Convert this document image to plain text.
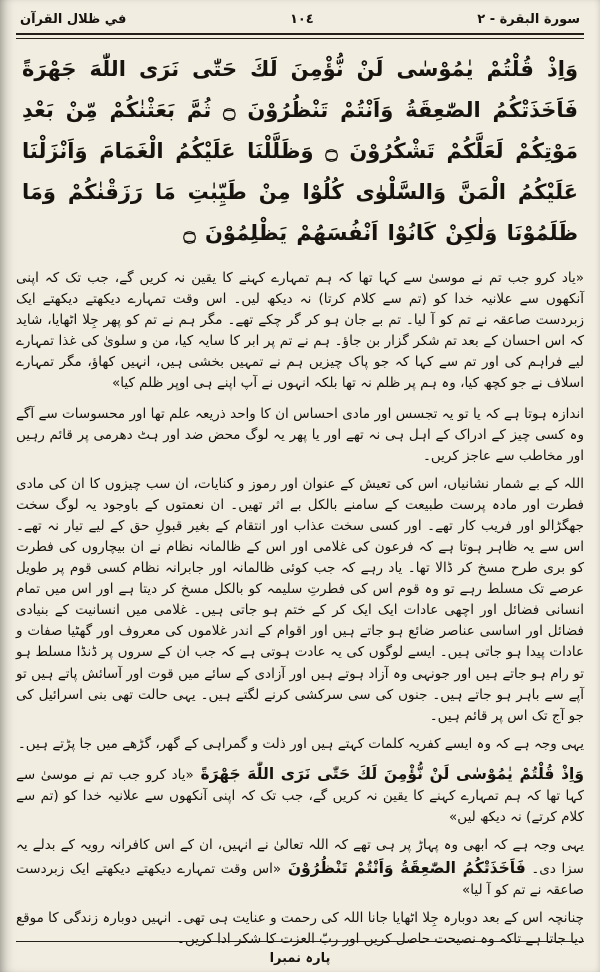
سورة البقرة - ٢
١٠٤
في ظلال القرآن
وَاِذْ قُلْتُمْ يٰمُوْسٰى لَنْ نُّؤْمِنَ لَكَ حَتّٰى نَرَى اللّٰهَ جَهْرَةً فَاَخَذَتْكُمُ الصّٰعِقَةُ وَاَنْتُمْ تَنْظُرُوْنَ ۝ ثُمَّ بَعَثْنٰكُمْ مِّنْ بَعْدِ مَوْتِكُمْ لَعَلَّكُمْ تَشْكُرُوْنَ ۝ وَظَلَّلْنَا عَلَيْكُمُ الْغَمَامَ وَاَنْزَلْنَا عَلَيْكُمُ الْمَنَّ وَالسَّلْوٰى كُلُوْا مِنْ طَيِّبٰتِ مَا رَزَقْنٰكُمْ وَمَا ظَلَمُوْنَا وَلٰكِنْ كَانُوْا اَنْفُسَهُمْ يَظْلِمُوْنَ ۝
«یاد کرو جب تم نے موسیٰ سے کہا تھا کہ ہم تمہارے کہنے کا یقین نہ کریں گے، جب تک کہ اپنی آنکھوں سے علانیہ خدا کو (تم سے کلام کرتا) نہ دیکھ لیں۔ اس وقت تمہارے دیکھتے دیکھتے ایک زبردست صاعقہ نے تم کو آ لیا۔ تم بے جان ہو کر گر چکے تھے۔ مگر ہم نے تم کو پھر جِلا اٹھایا، شاید کہ اس احسان کے بعد تم شکر گزار بن جاؤ۔ ہم نے تم پر ابر کا سایہ کیا، من و سلویٰ کی غذا تمہارے لیے فراہم کی اور تم سے کہا کہ جو پاک چیزیں ہم نے تمہیں بخشی ہیں، انہیں کھاؤ، مگر تمہارے اسلاف نے جو کچھ کیا، وہ ہم پر ظلم نہ تھا بلکہ انہوں نے آپ اپنے ہی اوپر ظلم کیا»
اندازہ ہوتا ہے کہ یا تو یہ تجسس اور مادی احساس ان کا واحد ذریعہ علم تھا اور محسوسات سے آگے وہ کسی چیز کے ادراک کے اہل ہی نہ تھے اور یا پھر یہ لوگ محض ضد اور ہٹ دھرمی پر قائم رہیں اور مخاطب سے عاجز کریں۔
اللہ کے بے شمار نشانیاں، اس کی تعیش کے عنوان اور رموز و کنایات، ان سب چیزوں کا ان کی مادی فطرت اور مادہ پرست طبیعت کے سامنے بالکل بے اثر تھیں۔ ان نعمتوں کے باوجود یہ لوگ سخت جھگڑالو اور فریب کار تھے۔ اور کسی سخت عذاب اور انتقام کے بغیر قبولِ حق کے لیے تیار نہ تھے۔ اس سے یہ ظاہر ہوتا ہے کہ فرعون کی غلامی اور اس کے ظالمانہ نظام نے ان بیچاروں کی فطرت کو بری طرح مسخ کر ڈالا تھا۔ یاد رہے کہ جب کوئی ظالمانہ اور جابرانہ نظام کسی قوم پر طویل عرصے تک مسلط رہے تو وہ قوم اس کی فطرتِ سلیمہ کو بالکل مسخ کر دیتا ہے اور اس میں تمام انسانی فضائل اور اچھی عادات ایک ایک کر کے ختم ہو جاتی ہیں۔ غلامی میں انسانیت کے بنیادی فضائل اور اساسی عناصر ضائع ہو جاتے ہیں اور اقوام کے اندر غلاموں کی معروف اور گھٹیا صفات و عادات پیدا ہو جاتی ہیں۔ ایسے لوگوں کی یہ عادت ہوتی ہے کہ جب ان کے سروں پر ڈنڈا مسلط ہو تو رام ہو جاتے ہیں اور جونہی وہ آزاد ہوتے ہیں اور آزادی کے سائے میں قوت اور آسائش پاتے ہیں تو آپے سے باہر ہو جاتے ہیں۔ جنوں کی سی سرکشی کرنے لگتے ہیں۔ یہی حالت تھی بنی اسرائیل کی جو آج تک اس پر قائم ہیں۔
یہی وجہ ہے کہ وہ ایسے کفریہ کلمات کہتے ہیں اور ذلت و گمراہی کے گھر، گڑھے میں جا پڑتے ہیں۔
وَاِذْ قُلْتُمْ يٰمُوْسٰى لَنْ نُّؤْمِنَ لَكَ حَتّٰى نَرَى اللّٰهَ جَهْرَةً «یاد کرو جب تم نے موسیٰ سے کہا تھا کہ ہم تمہارے کہنے کا یقین نہ کریں گے، جب تک کہ اپنی آنکھوں سے علانیہ خدا کو (تم سے کلام کرتے) نہ دیکھ لیں»
یہی وجہ ہے کہ ابھی وہ پہاڑ پر ہی تھے کہ اللہ تعالیٰ نے انہیں، ان کے اس کافرانہ رویہ کے بدلے یہ سزا دی۔ فَاَخَذَتْكُمُ الصّٰعِقَةُ وَاَنْتُمْ تَنْظُرُوْنَ «اس وقت تمہارے دیکھتے دیکھتے ایک زبردست صاعقہ نے تم کو آ لیا»
چنانچہ اس کے بعد دوبارہ جِلا اٹھایا جانا اللہ کی رحمت و عنایت ہی تھی۔ انہیں دوبارہ زندگی کا موقع دیا جاتا ہے تاکہ وہ نصیحت حاصل کریں اور ربّ العزت کا شکر ادا کریں۔
پارہ نمبرا
